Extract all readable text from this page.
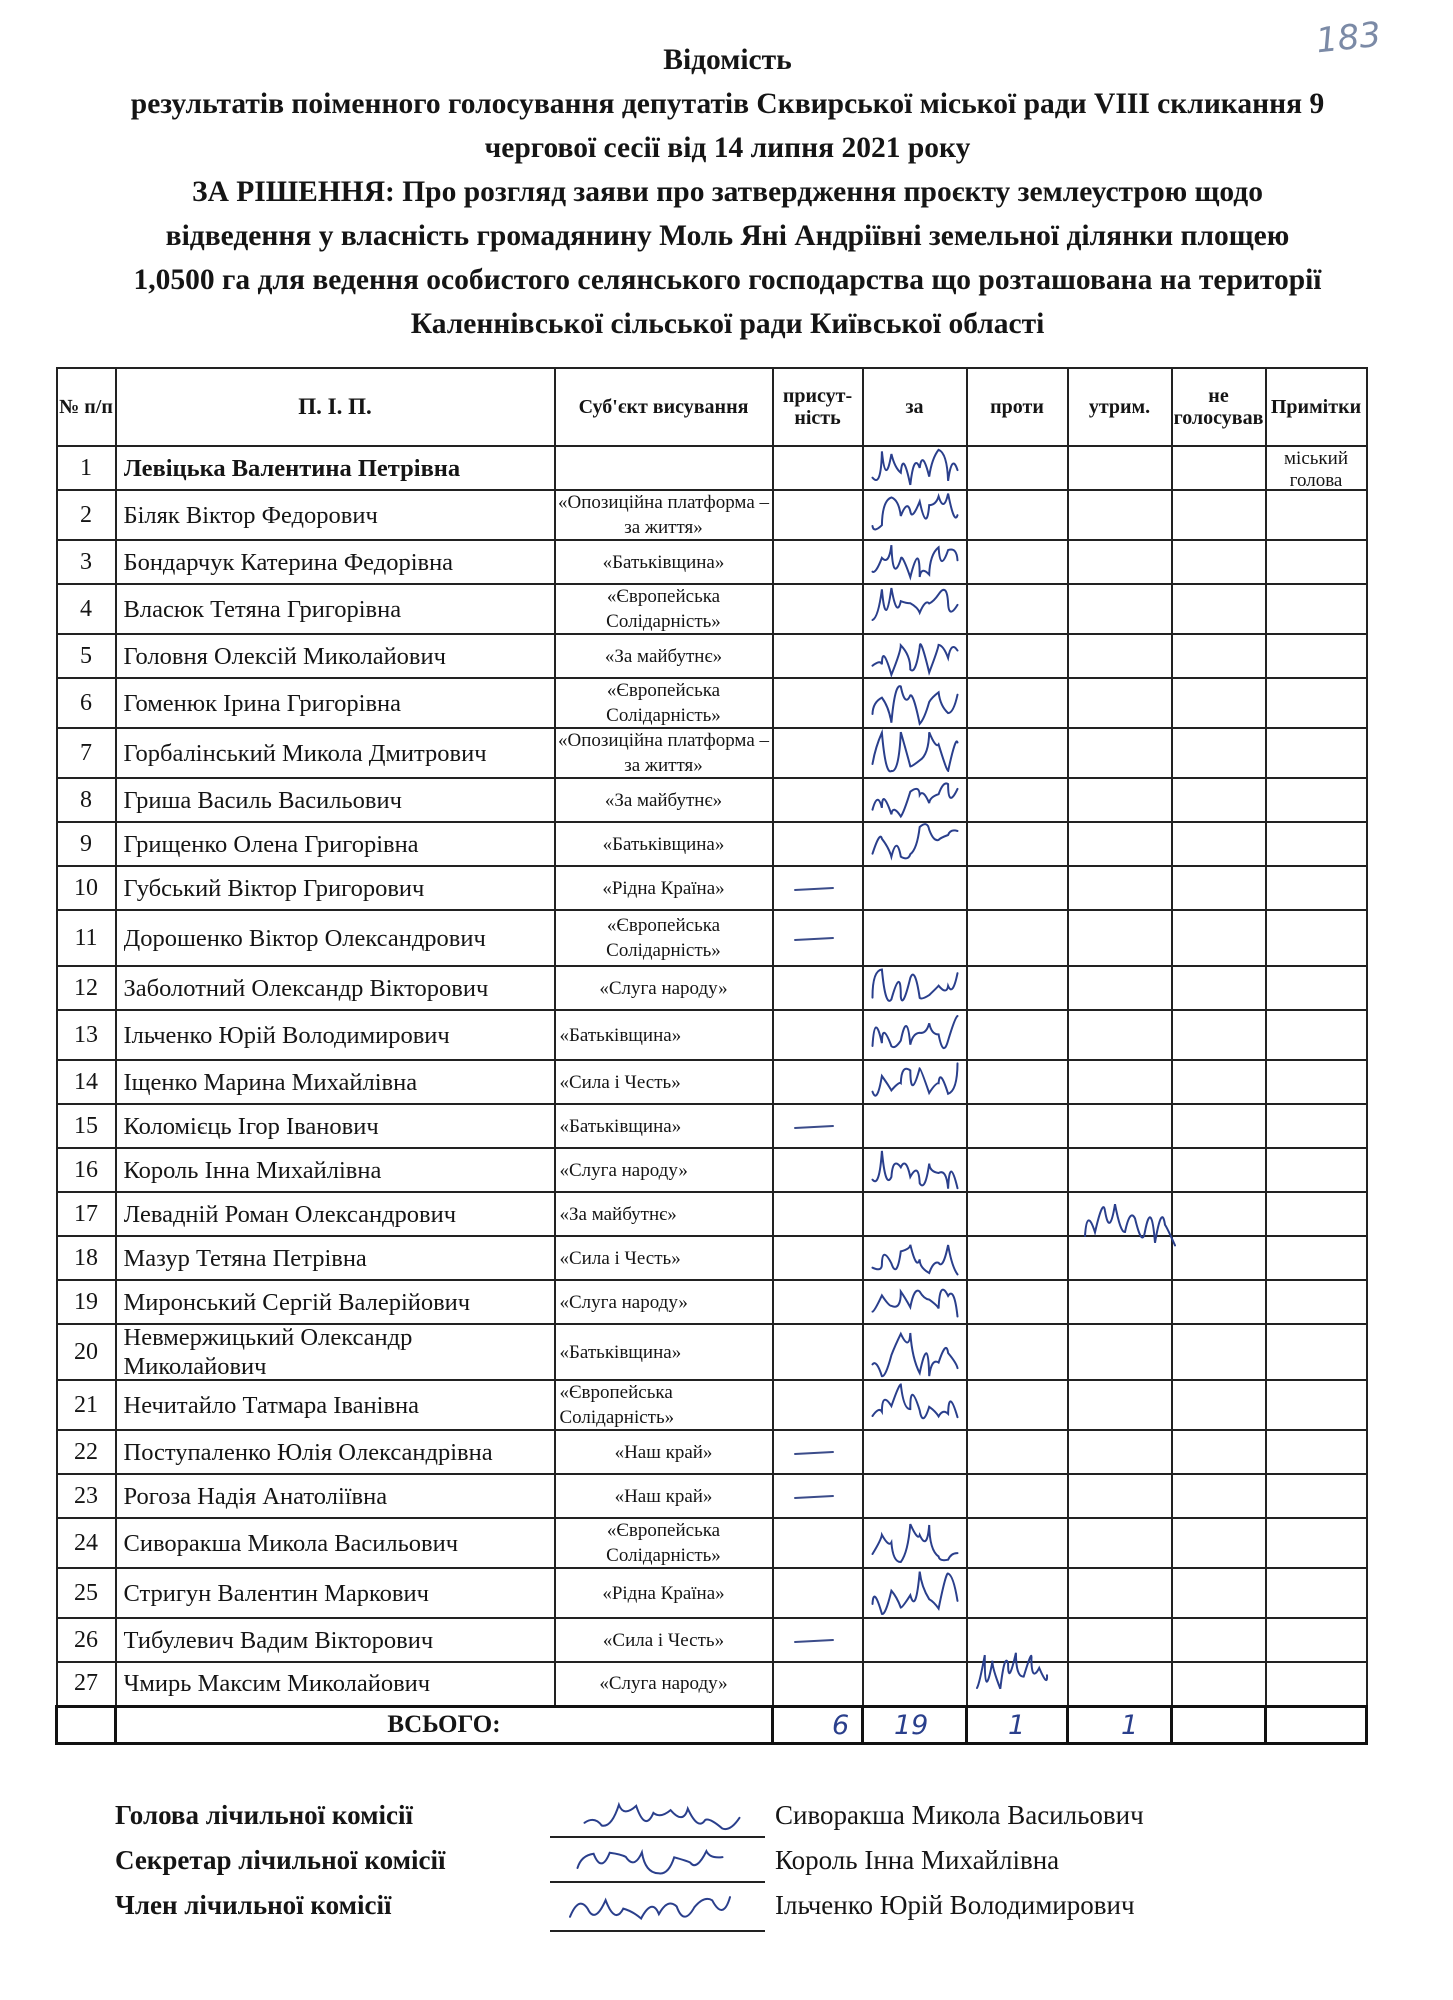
183
Відомість
результатів поіменного голосування депутатів Сквирської міської ради VIII скликання 9
чергової сесії від 14 липня 2021 року
ЗА РІШЕННЯ: Про розгляд заяви про затвердження проєкту землеустрою щодо
відведення у власність громадянину Моль Яні Андріївні земельної ділянки площею
1,0500 га для ведення особистого селянського господарства що розташована на території
Каленнівської сільської ради Київської області
№ п/п	П. І. П.	Суб'єкт висування	присут-ність	за	проти	утрим.	не голосував	Примітки

1	Левіцька Валентина Петрівна							міський голова

2	Біляк Віктор Федорович	«Опозиційна платформа – за життя»						

3	Бондарчук Катерина Федорівна	«Батьківщина»						

4	Власюк Тетяна Григорівна	«Європейська Солідарність»						

5	Головня Олексій Миколайович	«За майбутнє»						

6	Гоменюк Ірина Григорівна	«Європейська Солідарність»						

7	Горбалінський Микола Дмитрович	«Опозиційна платформа – за життя»						

8	Гриша Василь Васильович	«За майбутнє»						

9	Грищенко Олена Григорівна	«Батьківщина»						

10	Губський Віктор Григорович	«Рідна Країна»						

11	Дорошенко Віктор Олександрович	«Європейська Солідарність»						

12	Заболотний Олександр Вікторович	«Слуга народу»						

13	Ільченко Юрій Володимирович	«Батьківщина»						

14	Іщенко Марина Михайлівна	«Сила і Честь»						

15	Коломієць Ігор Іванович	«Батьківщина»						

16	Король Інна Михайлівна	«Слуга народу»						

17	Левадній Роман Олександрович	«За майбутнє»						

18	Мазур Тетяна Петрівна	«Сила і Честь»						

19	Миронський Сергій Валерійович	«Слуга народу»						

20	Невмержицький Олександр Миколайович	«Батьківщина»						

21	Нечитайло Татмара Іванівна	«Європейська Солідарність»						

22	Поступаленко Юлія Олександрівна	«Наш край»						

23	Рогоза Надія Анатоліївна	«Наш край»						

24	Сиворакша Микола Васильович	«Європейська Солідарність»						

25	Стригун Валентин Маркович	«Рідна Країна»						

26	Тибулевич Вадим Вікторович	«Сила і Честь»						

27	Чмирь Максим Миколайович	«Слуга народу»						

	ВСЬОГО:		6	19	1	1		

Голова лічильної комісії	Сиворакша Микола Васильович
Секретар лічильної комісії	Король Інна Михайлівна
Член лічильної комісії	Ільченко Юрій Володимирович
